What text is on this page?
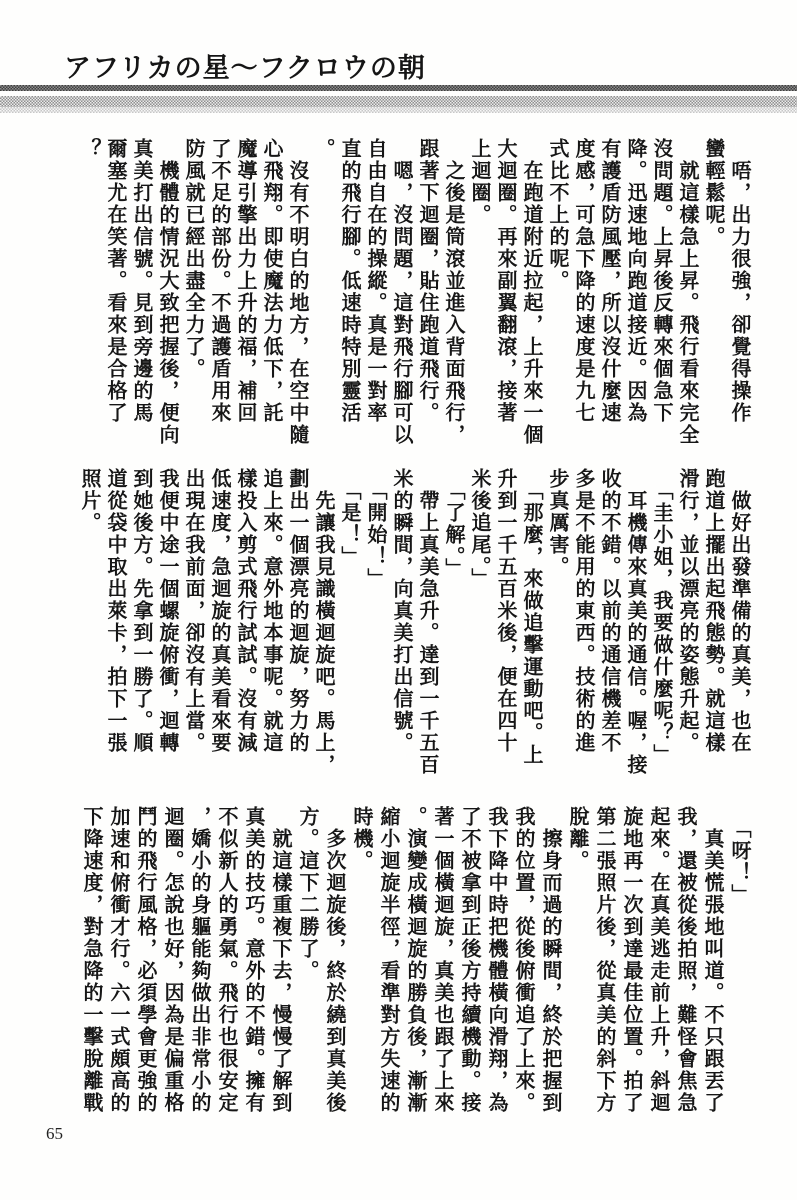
アフリカの星～フクロウの朝
　唔，出力很強，卻覺得操作
蠻輕鬆呢。
　就這樣急上昇。飛行看來完全
沒問題。上昇後反轉來個急下
降。迅速地向跑道接近。因為
有護盾防風壓，所以沒什麼速
度感，可急下降的速度是九七
式比不上的呢。
　在跑道附近拉起，上升來一個
大迴圈。再來副翼翻滾，接著
上迴圈。
　之後是筒滾並進入背面飛行，
跟著下迴圈，貼住跑道飛行。
　嗯，沒問題，這對飛行腳可以
自由自在的操縱。真是一對率
直的飛行腳。低速時特別靈活
。
　沒有不明白的地方，在空中隨
心飛翔。即使魔法力低下，託
魔導引擎出力上升的福，補回
了不足的部份。不過護盾用來
防風就已經出盡全力了。
　機體的情況大致把握後，便向
真美打出信號。見到旁邊的馬
爾塞尤在笑著。看來是合格了
？
　做好出發準備的真美，也在
跑道上擺出起飛態勢。就這樣
滑行，並以漂亮的姿態升起。
　「圭小姐，我要做什麼呢？」
　耳機傳來真美的通信。喔，接
收的不錯。以前的通信機差不
多是不能用的東西。技術的進
步真厲害。
　「那麼，來做追擊運動吧。上
升到一千五百米後，便在四十
米後追尾。」
　「了解。」
　帶上真美急升。達到一千五百
米的瞬間，向真美打出信號。
　「開始！」
　「是！」
　先讓我見識橫迴旋吧。馬上，
劃出一個漂亮的迴旋，努力的
追上來。意外地本事呢。就這
樣投入剪式飛行試試。沒有減
低速度，急迴旋的真美看來要
出現在我前面，卻沒有上當。
我便中途一個螺旋俯衝，迴轉
到她後方。先拿到一勝了。順
道從袋中取出萊卡，拍下一張
照片。
　「呀！」
　真美慌張地叫道。不只跟丟了
我，還被從後拍照，難怪會焦急
起來。在真美逃走前上升，斜迴
旋地再一次到達最佳位置。拍了
第二張照片後，從真美的斜下方
脫離。
　擦身而過的瞬間，終於把握到
我的位置，從後俯衝追了上來。
我下降中時把機體橫向滑翔，為
了不被拿到正後方持續機動。接
著一個橫迴旋，真美也跟了上來
。演變成橫迴旋的勝負後，漸漸
縮小迴旋半徑，看準對方失速的
時機。
　多次迴旋後，終於繞到真美後
方。這下二勝了。
　就這樣重複下去，慢慢了解到
真美的技巧。意外的不錯。擁有
不似新人的勇氣。飛行也很安定
，嬌小的身軀能夠做出非常小的
迴圈。怎說也好，因為是偏重格
鬥的飛行風格，必須學會更強的
加速和俯衝才行。六一式頗高的
下降速度，對急降的一擊脫離戰
65
